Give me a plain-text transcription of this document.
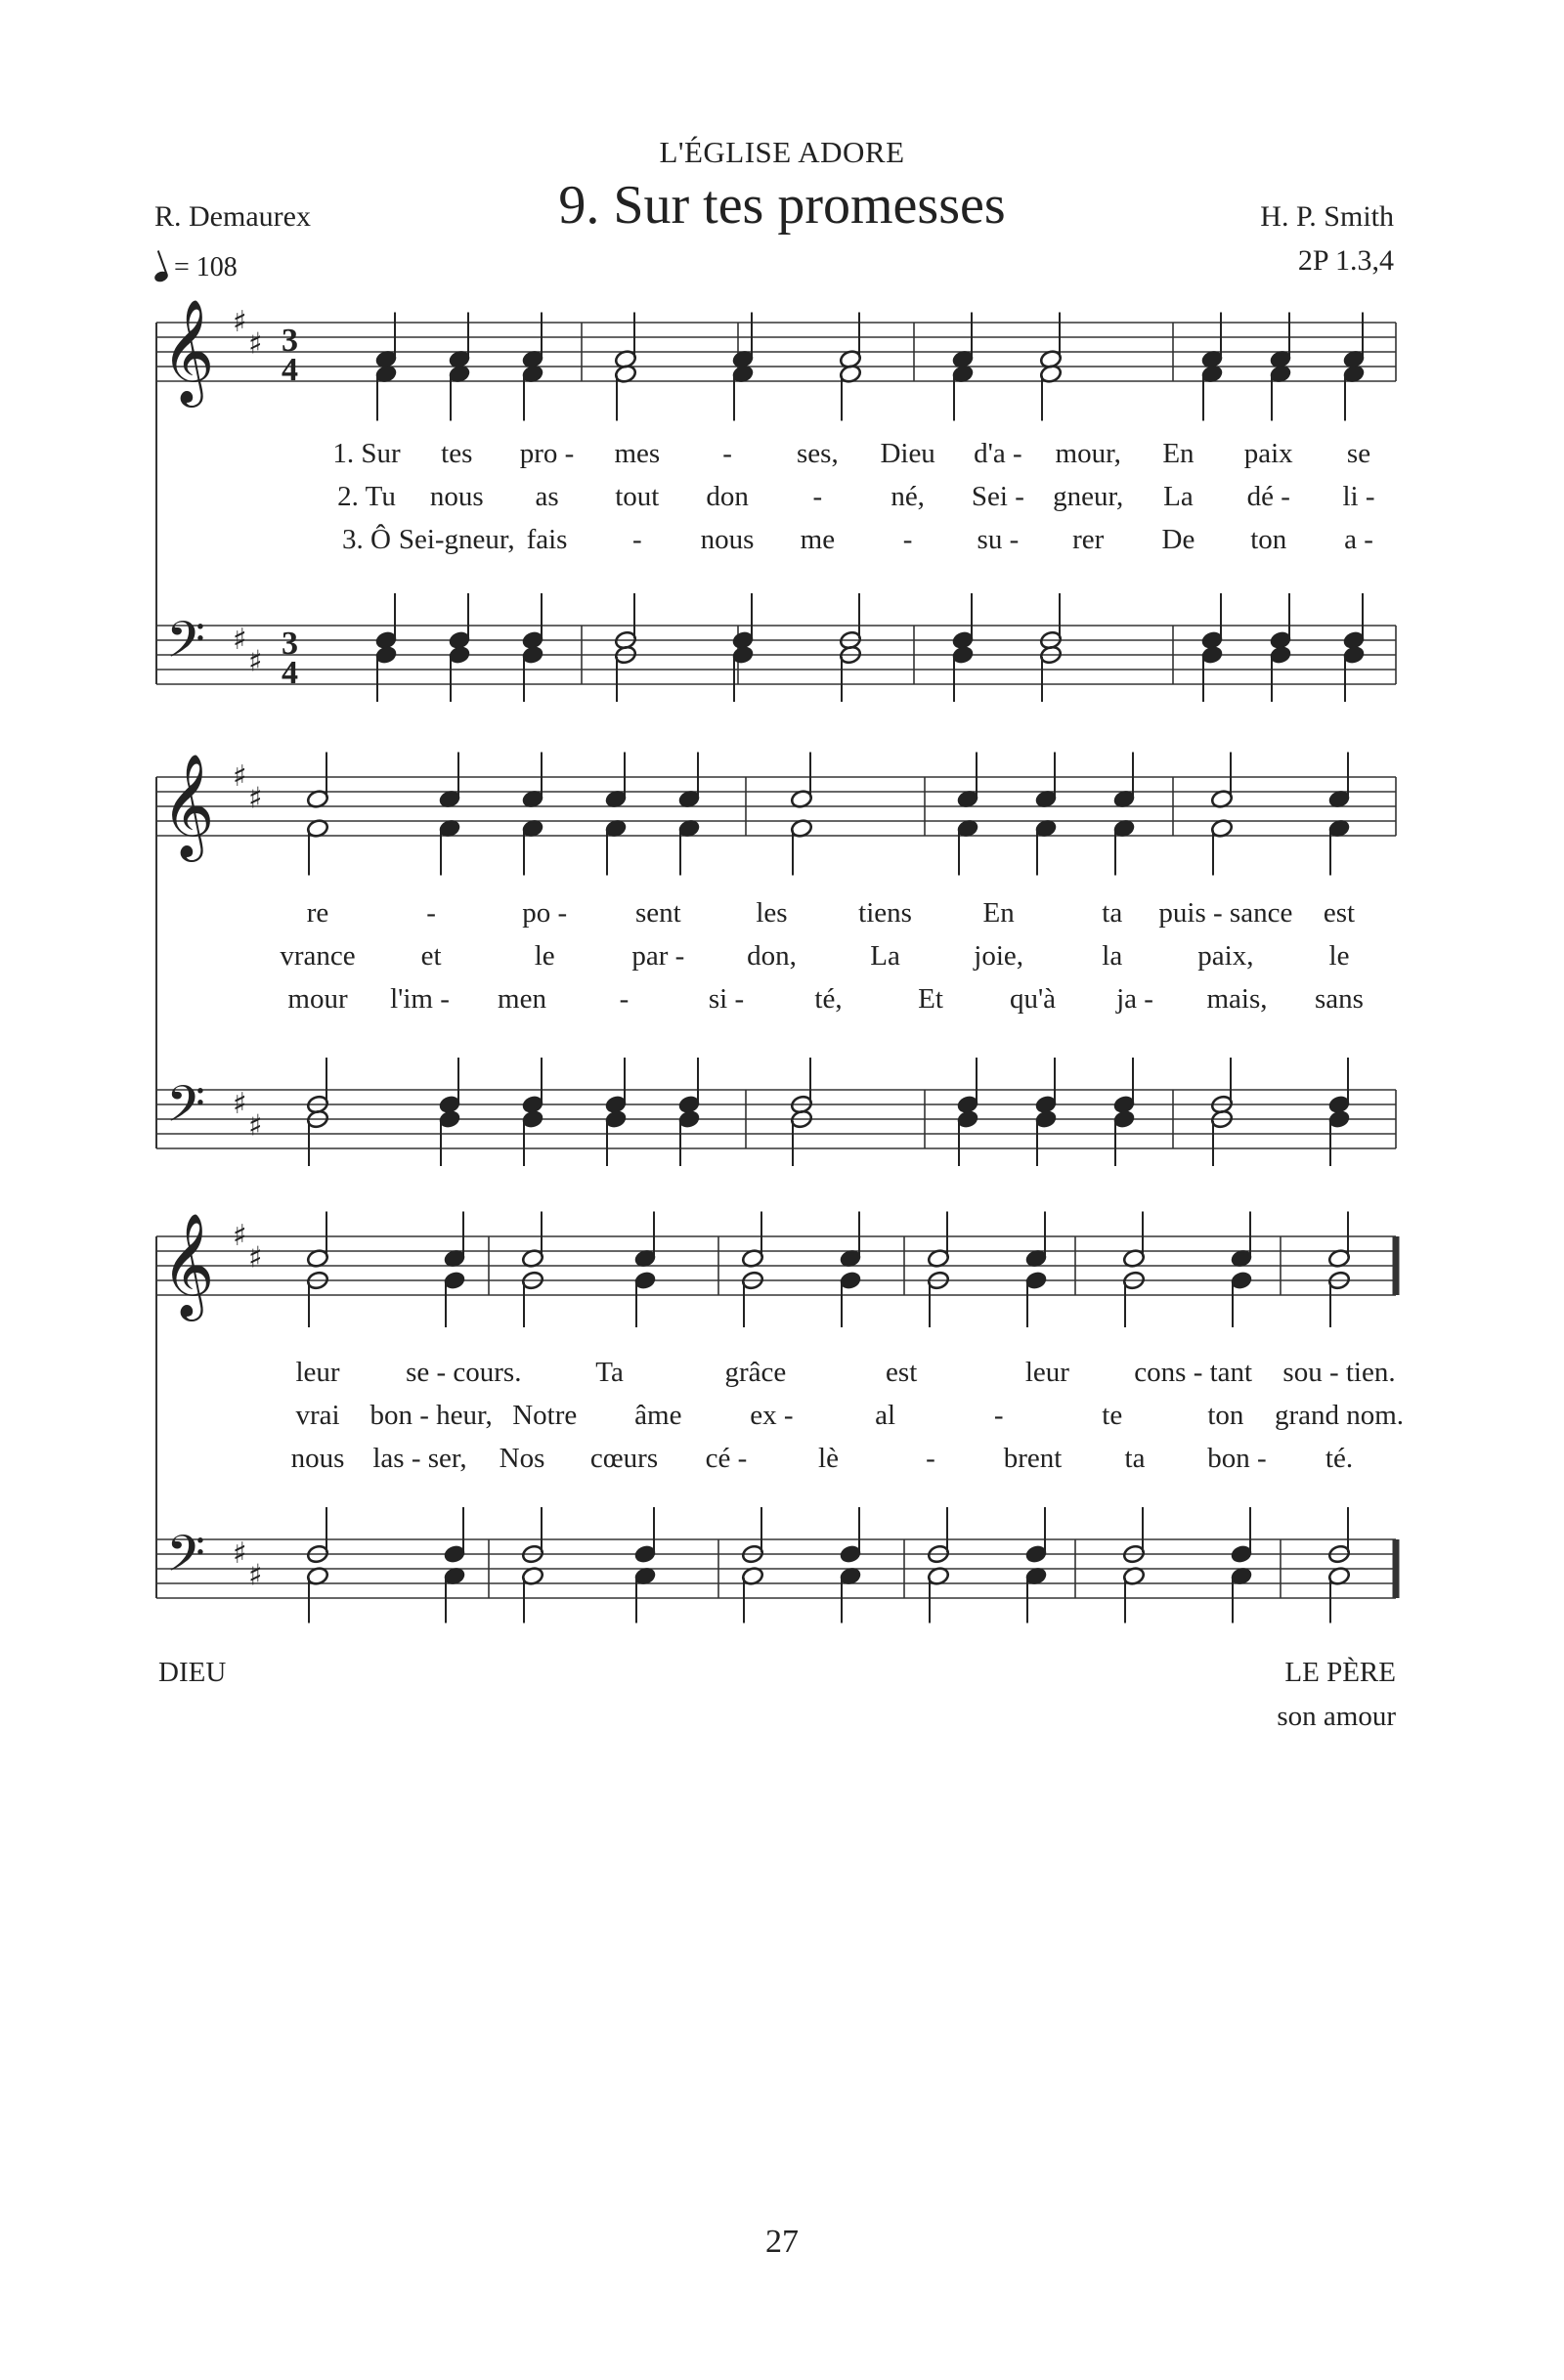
L'ÉGLISE ADORE
9. Sur tes promesses
R. Demaurex	H. P. Smith
2P 1.3,4
= 108
𝄞
𝄢
♯
♯
♯
♯
3
4
3
4
𝄞
𝄢
♯
♯
♯
♯
𝄞
𝄢
♯
♯
♯
♯
1. Sur tes pro - mes - ses, Dieu d'a - mour, En paix se
2. Tu nous as tout don - né, Sei - gneur, La dé - li -
3. Ô Sei-gneur, fais - nous me - su - rer De ton a -
re	-	po - sent	les	tiens	En	ta puis - sance est
vrance et	le	par - don,	La	joie,	la	paix,	le
mour l'im - men	-	si - té,	Et qu'à ja - mais, sans
leur se - cours.	Ta	grâce	est	leur cons - tant sou - tien.
vrai bon - heur, Notre âme ex -	al	-	te	ton grand nom.
nous las - ser, Nos cœurs cé -	lè	- brent ta bon - té.
DIEU	LE PÈRE
son amour
27
